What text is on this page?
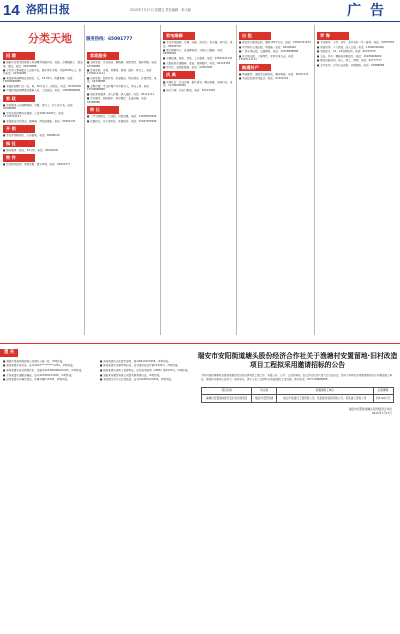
14 洛阳日报	2015年7月17日 星期五 责任编辑：李小丽	广 告
分类天地	服务热线：65091777
招 聘
■ 洛阳市正星清洗有限公司诚聘清洗操作员、安装、空调维修工、保洁等，面议。电话：65258888
■ 宁宇家入事诚招业人员若干名，要求男女不限，月薪3500以上，联系电话：62356688
■ 某某商场诚聘营业员数名，女，18-35岁，待遇优厚，电话：13838888888
■ 老城区招聘门卫一名，男，50岁以下，包吃住。电话：65320000
■ 平城经销商招聘售后维修人员，工资面议。电话：13608888888
家 政
■ 家政服务公司诚聘保姆、月嫂、钟点工、护工若干名。电话：64998888
■ 平安家政招聘住家保姆，工资3000-5000元。电话：13703791111
■ 家庭保洁开荒保洁、擦玻璃、清洗油烟机。电话：63981234
开 锁
■ 专业开锁换锁芯，公安备案。电话：64888110
殡 仪
■ 殡仪服务一条龙，24小时。电话：65090000
物 件
■ 信息物件招领、寻物启事、遗失声明。电话：65091777
家政服务
■ 洁美家政：专业保洁、擦玻璃、地毯清洗、瓷砖美缝。电话：63358888
■ 家佳家政：月嫂、育婴师、保姆、陪护、钟点工。电话：13949111111
■ 吉祥家政：新房开荒、家庭保洁、物业保洁、外墙清洗。电话：64338888
■ 金牌月嫂：专业护理产妇及新生儿，持证上岗。电话：15538888888
■ 居家养老服务：老人护理、病人陪护。电话：65111111
■ 专业搬家：居民搬家、单位搬迁、长途运输。电话：63288888
转 让
■ 二手空调转让，九成新，价格优惠。电话：13838383838
■ 店面转让，位于闹市区，客源稳定。电话：15937999999
家电维修
■ 专业家电维修：空调、冰箱、洗衣机、热水器、燃气灶。电话：65095555
■ 联合维修中心：各品牌电视、空调上门维修。电话：63889999
■ 空调加氟、移机、清洗，上门服务。电话：13592011111
■ 太阳能热水器维修、安装、更换配件。电话：62123456
■ 燃气灶、油烟机维修。电话：64567890
庆 典
■ 庆典礼仪：开业庆典、婚礼策划、舞台搭建、音响灯光。电话：13700000000
■ 拱门气球、彩虹门租赁。电话：63123456
出 租
■ 商业街门面房出租，面积120平方米。电话：13603791234
■ 写字楼办公室出租，带装修。电话：65000000
■ 厂房仓库出租，交通便利。电话：15938888888
■ 住宅楼出租，三室两厅，家具家电齐全。电话：13525111111
路通抖户
■ 物流配货：洛阳至全国各地，整车零担。电话：65221111
■ 货运信息部专线直达。电话：63222222
学 海
■ 专业辅导：小学、初中、高中各科一对一辅导。电话：64555555
■ 英语培训：少儿英语、成人口语。电话：13800000000
■ 驾校招生：C1、C2驾照培训。电话：65333333
■ 书法、美术、舞蹈培训班招生。电话：15936666666
■ 职业技能培训：电工、焊工、厨师。电话：62777777
■ 会计培训：会计从业资格、初级职称。电话：63888888
遗 失
■ 洛阳市某某商贸有限公司遗失公章一枚，声明作废。
■ 张某某遗失身份证，证号4103**********1234，声明作废。
■ 李某某遗失营业执照正本，注册号410300000012345，声明作废。
■ 王某某遗失道路运输证，证号410302123456，声明作废。
■ 赵某某遗失车辆行驶证，车牌号豫C12345，声明作废。
■ 刘某某遗失出生医学证明，编号N410123456，声明作废。
■ 陈某某遗失房屋所有权证，证号洛房权证字第12345号，声明作废。
■ 杨某某遗失国有土地使用证，证号洛市国用（2008）第0123号，声明作废。
■ 洛阳某某餐饮有限公司遗失税务登记证，声明作废。
■ 某某遗失会计从业资格证，证号410305123456，声明作废。
瑞安市安阳街道塘头股份经济合作社关于渔塘村安置留地·旧村改造项目工程拟采用邀请招标的公告
为切实做好渔塘村安置留地建设及旧村改造项目工程工作，本着公开、公平、公正的原则，经合作社社员代表大会讨论决定，拟对下列项目采用邀请招标的方式确定施工单位。现将有关事项公告如下，如有异议，请于公告之日起5日内向街道纪工委反映。联系电话：0577-66888888。
项目名称	所在地	拟邀请施工单位	投资概算
渔塘村安置留地建设及旧村改造项目	瑞安市安阳街道	浙江中某建设工程有限公司、某某建设集团有限公司、某某建工有限公司	约2700万元
瑞安市安阳街道塘头股份经济合作社
2015年7月17日
